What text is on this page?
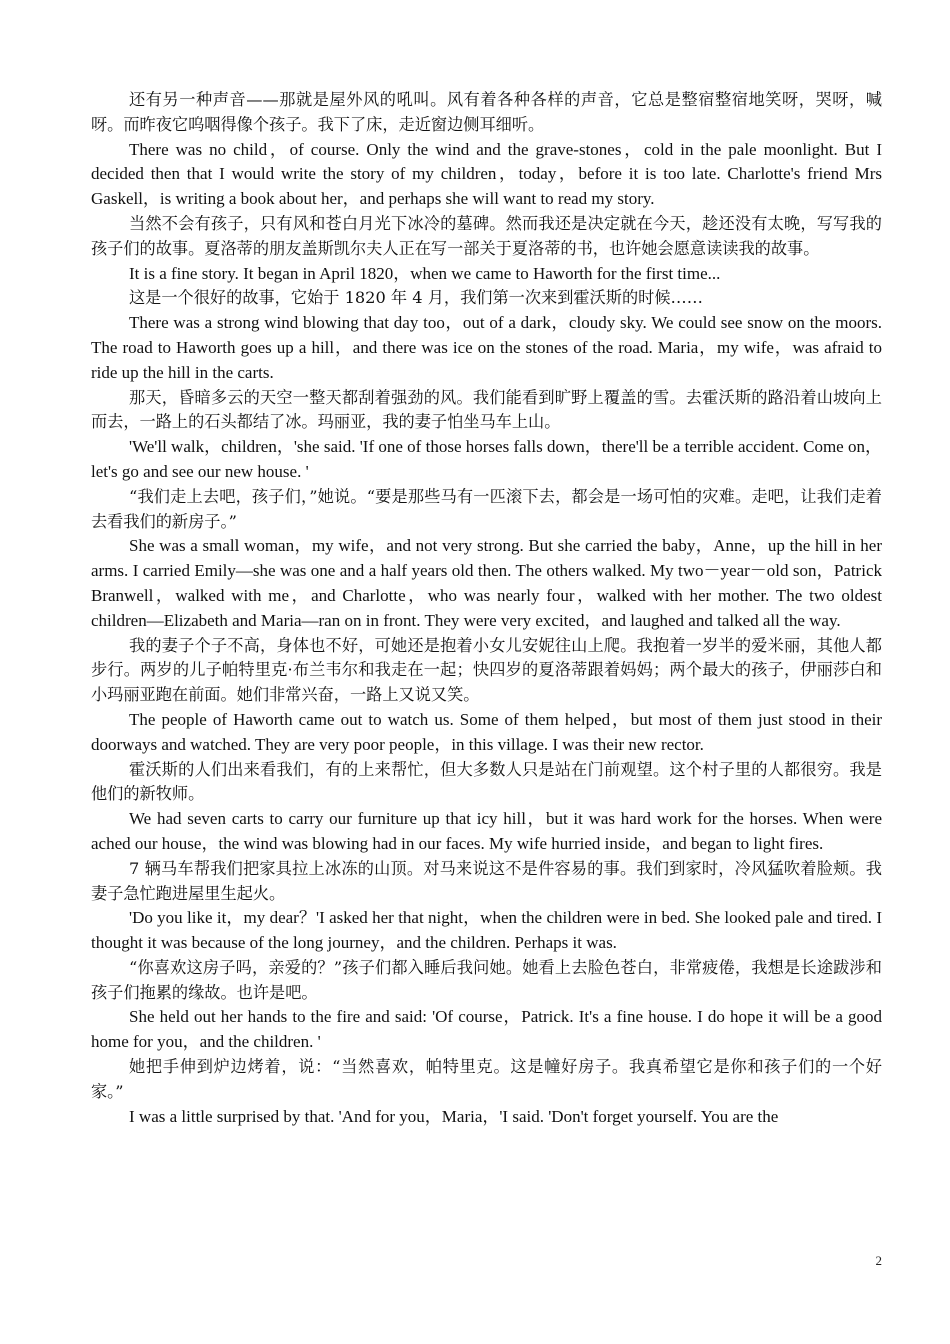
还有另一种声音——那就是屋外风的吼叫。风有着各种各样的声音，它总是整宿整宿地笑呀，哭呀，喊呀。而昨夜它呜咽得像个孩子。我下了床，走近窗边侧耳细听。

There was no child，of course. Only the wind and the grave-stones，cold in the pale moonlight. But I decided then that I would write the story of my children，today，before it is too late. Charlotte's friend Mrs Gaskell，is writing a book about her，and perhaps she will want to read my story.

当然不会有孩子，只有风和苍白月光下冰冷的墓碑。然而我还是决定就在今天，趁还没有太晚，写写我的孩子们的故事。夏洛蒂的朋友盖斯凯尔夫人正在写一部关于夏洛蒂的书，也许她会愿意读读我的故事。

It is a fine story. It began in April 1820，when we came to Haworth for the first time...

这是一个很好的故事，它始于 1820 年 4 月，我们第一次来到霍沃斯的时候……

There was a strong wind blowing that day too，out of a dark，cloudy sky. We could see snow on the moors. The road to Haworth goes up a hill，and there was ice on the stones of the road. Maria，my wife，was afraid to ride up the hill in the carts.

那天，昏暗多云的天空一整天都刮着强劲的风。我们能看到旷野上覆盖的雪。去霍沃斯的路沿着山坡向上而去，一路上的石头都结了冰。玛丽亚，我的妻子怕坐马车上山。

'We'll walk，children，'she said. 'If one of those horses falls down，there'll be a terrible accident. Come on，let's go and see our new house. '

“我们走上去吧，孩子们，”她说。“要是那些马有一匹滚下去，都会是一场可怕的灾难。走吧，让我们走着去看我们的新房子。”

She was a small woman，my wife，and not very strong. But she carried the baby，Anne，up the hill in her arms. I carried Emily—she was one and a half years old then. The others walked. My two－year－old son，Patrick Branwell，walked with me，and Charlotte，who was nearly four，walked with her mother. The two oldest children—Elizabeth and Maria—ran on in front. They were very excited，and laughed and talked all the way.

我的妻子个子不高，身体也不好，可她还是抱着小女儿安妮往山上爬。我抱着一岁半的爱米丽，其他人都步行。两岁的儿子帕特里克·布兰韦尔和我走在一起；快四岁的夏洛蒂跟着妈妈；两个最大的孩子，伊丽莎白和小玛丽亚跑在前面。她们非常兴奋，一路上又说又笑。

The people of Haworth came out to watch us. Some of them helped，but most of them just stood in their doorways and watched. They are very poor people，in this village. I was their new rector.

霍沃斯的人们出来看我们，有的上来帮忙，但大多数人只是站在门前观望。这个村子里的人都很穷。我是他们的新牧师。

We had seven carts to carry our furniture up that icy hill，but it was hard work for the horses. When were ached our house，the wind was blowing had in our faces. My wife hurried inside，and began to light fires.

7 辆马车帮我们把家具拉上冰冻的山顶。对马来说这不是件容易的事。我们到家时，冷风猛吹着脸颊。我妻子急忙跑进屋里生起火。

'Do you like it，my dear？'I asked her that night，when the children were in bed. She looked pale and tired. I thought it was because of the long journey，and the children. Perhaps it was.

“你喜欢这房子吗，亲爱的？”孩子们都入睡后我问她。她看上去脸色苍白，非常疲倦，我想是长途跋涉和孩子们拖累的缘故。也许是吧。

She held out her hands to the fire and said: 'Of course，Patrick. It's a fine house. I do hope it will be a good home for you，and the children. '

她把手伸到炉边烤着，说：“当然喜欢，帕特里克。这是幢好房子。我真希望它是你和孩子们的一个好家。”

I was a little surprised by that. 'And for you，Maria，'I said. 'Don't forget yourself. You are the

2
